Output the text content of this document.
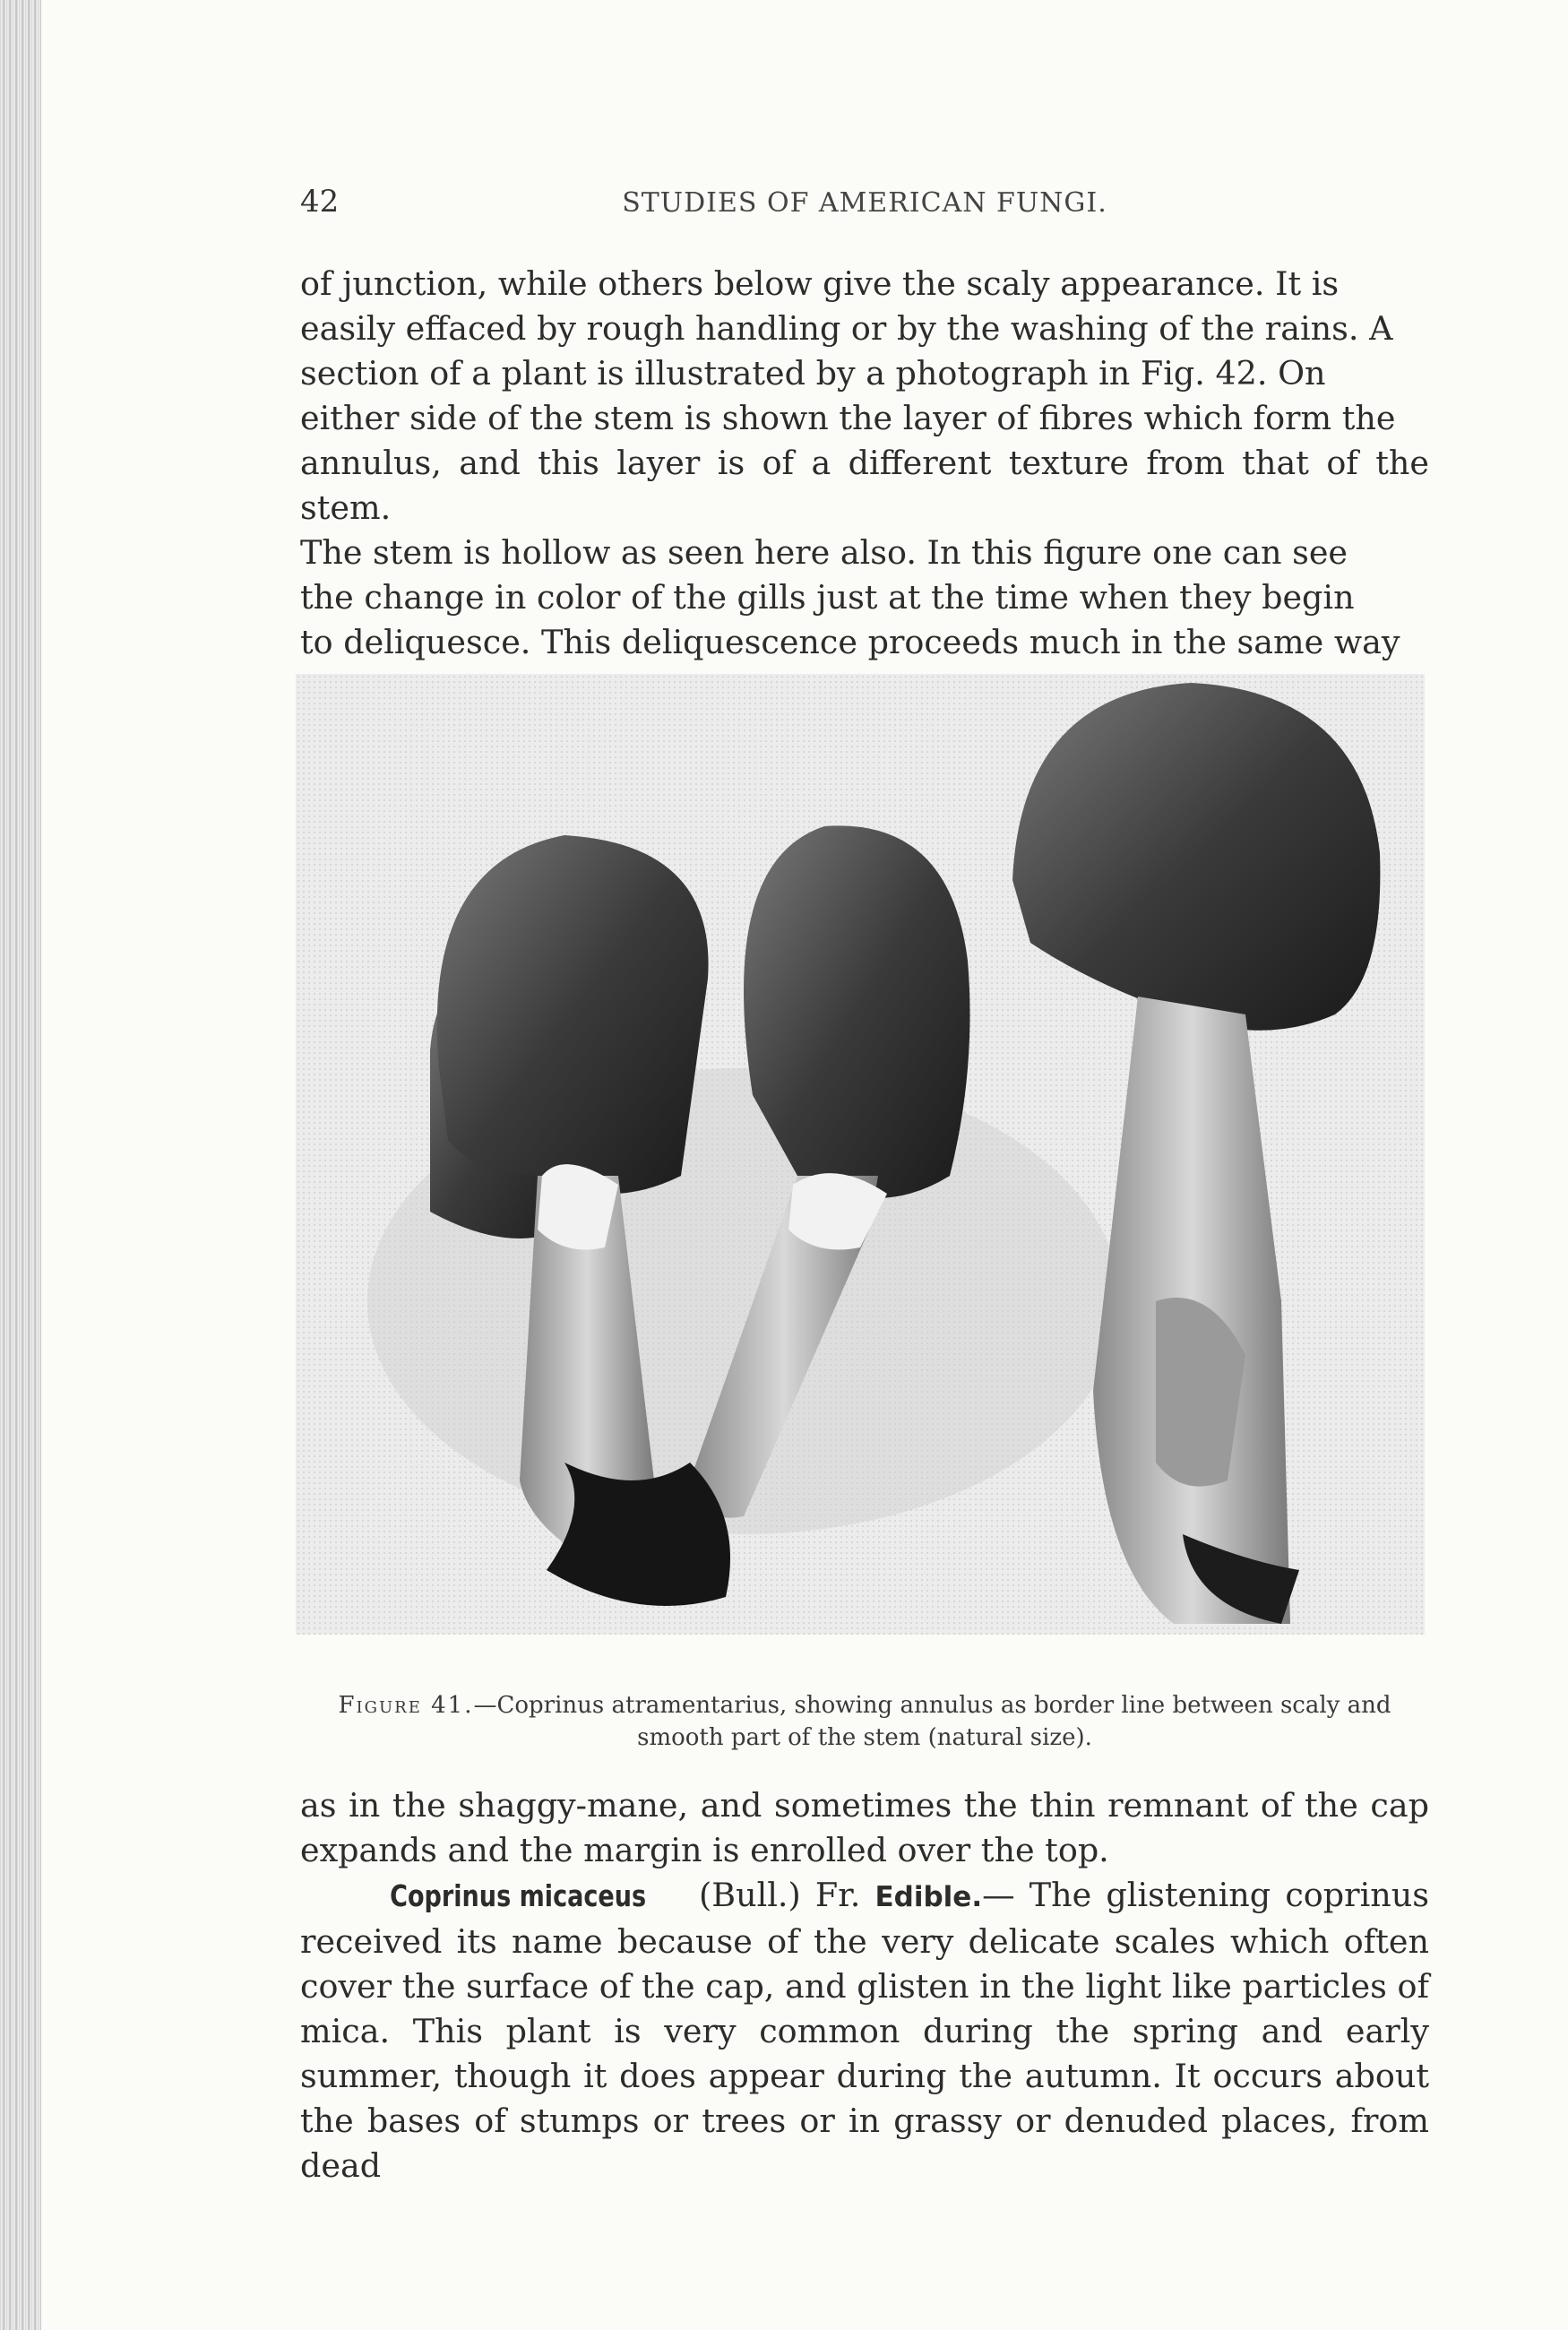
42	STUDIES OF AMERICAN FUNGI.
of junction, while others below give the scaly appearance. It is
easily effaced by rough handling or by the washing of the rains. A
section of a plant is illustrated by a photograph in Fig. 42. On
either side of the stem is shown the layer of fibres which form the
annulus, and this layer is of a different texture from that of the stem.
The stem is hollow as seen here also. In this figure one can see
the change in color of the gills just at the time when they begin
to deliquesce. This deliquescence proceeds much in the same way
Figure 41.—Coprinus atramentarius, showing annulus as border line between scaly and smooth part of the stem (natural size).

as in the shaggy-mane, and sometimes the thin remnant of the cap expands and the margin is enrolled over the top.

Coprinus micaceus (Bull.) Fr. Edible.— The glistening coprinus received its name because of the very delicate scales which often cover the surface of the cap, and glisten in the light like particles of mica. This plant is very common during the spring and early summer, though it does appear during the autumn. It occurs about the bases of stumps or trees or in grassy or denuded places, from dead
